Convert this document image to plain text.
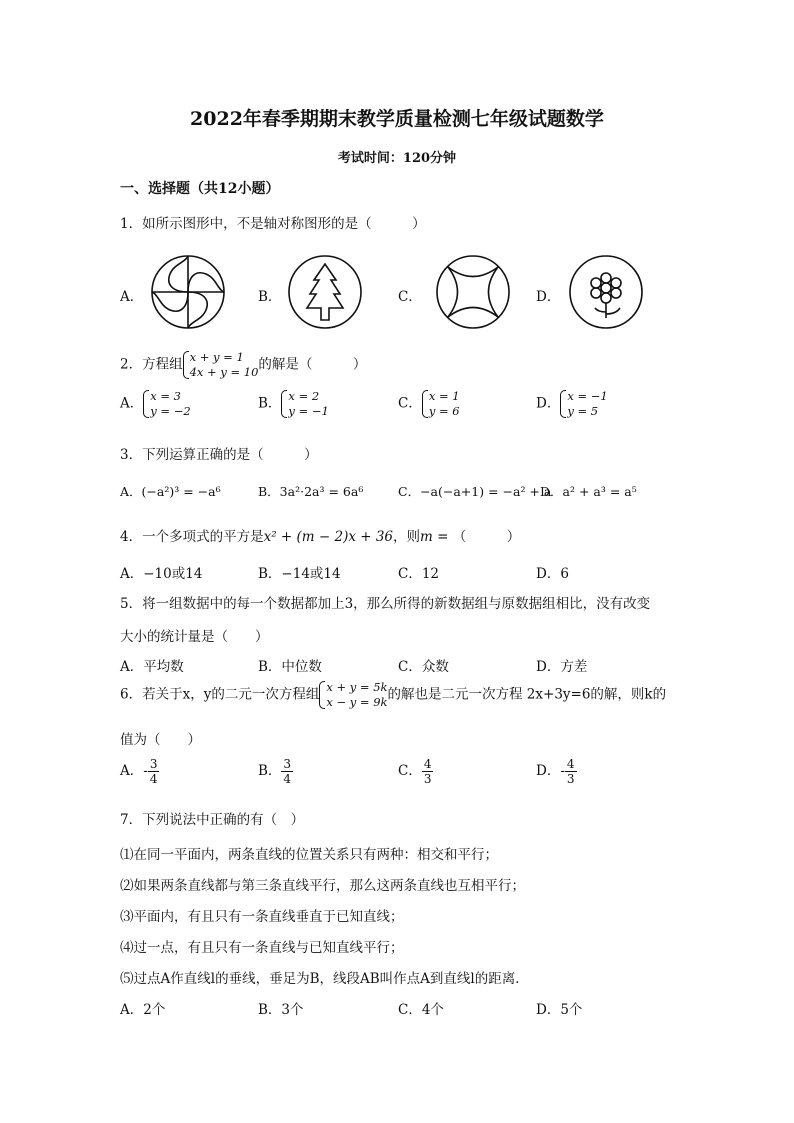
2022年春季期期末教学质量检测七年级试题数学
考试时间：120分钟
一、选择题（共12小题）
1．如所示图形中，不是轴对称图形的是（　　　）
A．	B．	C．	D．
2．方程组 x + y = 1
4x + y = 10 的解是（　　　）
A． x = 3
y = −2	B． x = 2
y = −1	C． x = 1
y = 6	D． x = −1
y = 5
3．下列运算正确的是（　　　）
A．(−a²)³ = −a⁶	B．3a²·2a³ = 6a⁶	C．−a(−a+1) = −a² + a
D．a² + a³ = a⁵
4．一个多项式的平方是x² + (m − 2)x + 36，则m = （　　　）
A．−10或14	B．−14或14	C．12	D．6
5．将一组数据中的每一个数据都加上3，那么所得的新数据组与原数据组相比，没有改变
大小的统计量是（　　）
A．平均数	B．中位数	C．众数	D．方差
6．若关于x，y的二元一次方程组 x + y = 5k
x − y = 9k 的解也是二元一次方程 2x+3y=6的解，则k的
值为（　　）
A．- $\frac{3}{4}$	B． $\frac{3}{4}$	C． $\frac{4}{3}$	D．- $\frac{4}{3}$
7．下列说法中正确的有（　）
⑴在同一平面内，两条直线的位置关系只有两种：相交和平行；
⑵如果两条直线都与第三条直线平行，那么这两条直线也互相平行；
⑶平面内，有且只有一条直线垂直于已知直线；
⑷过一点，有且只有一条直线与已知直线平行；
⑸过点A作直线l的垂线，垂足为B，线段AB叫作点A到直线l的距离．
A．2个	B．3个	C．4个	D．5个
